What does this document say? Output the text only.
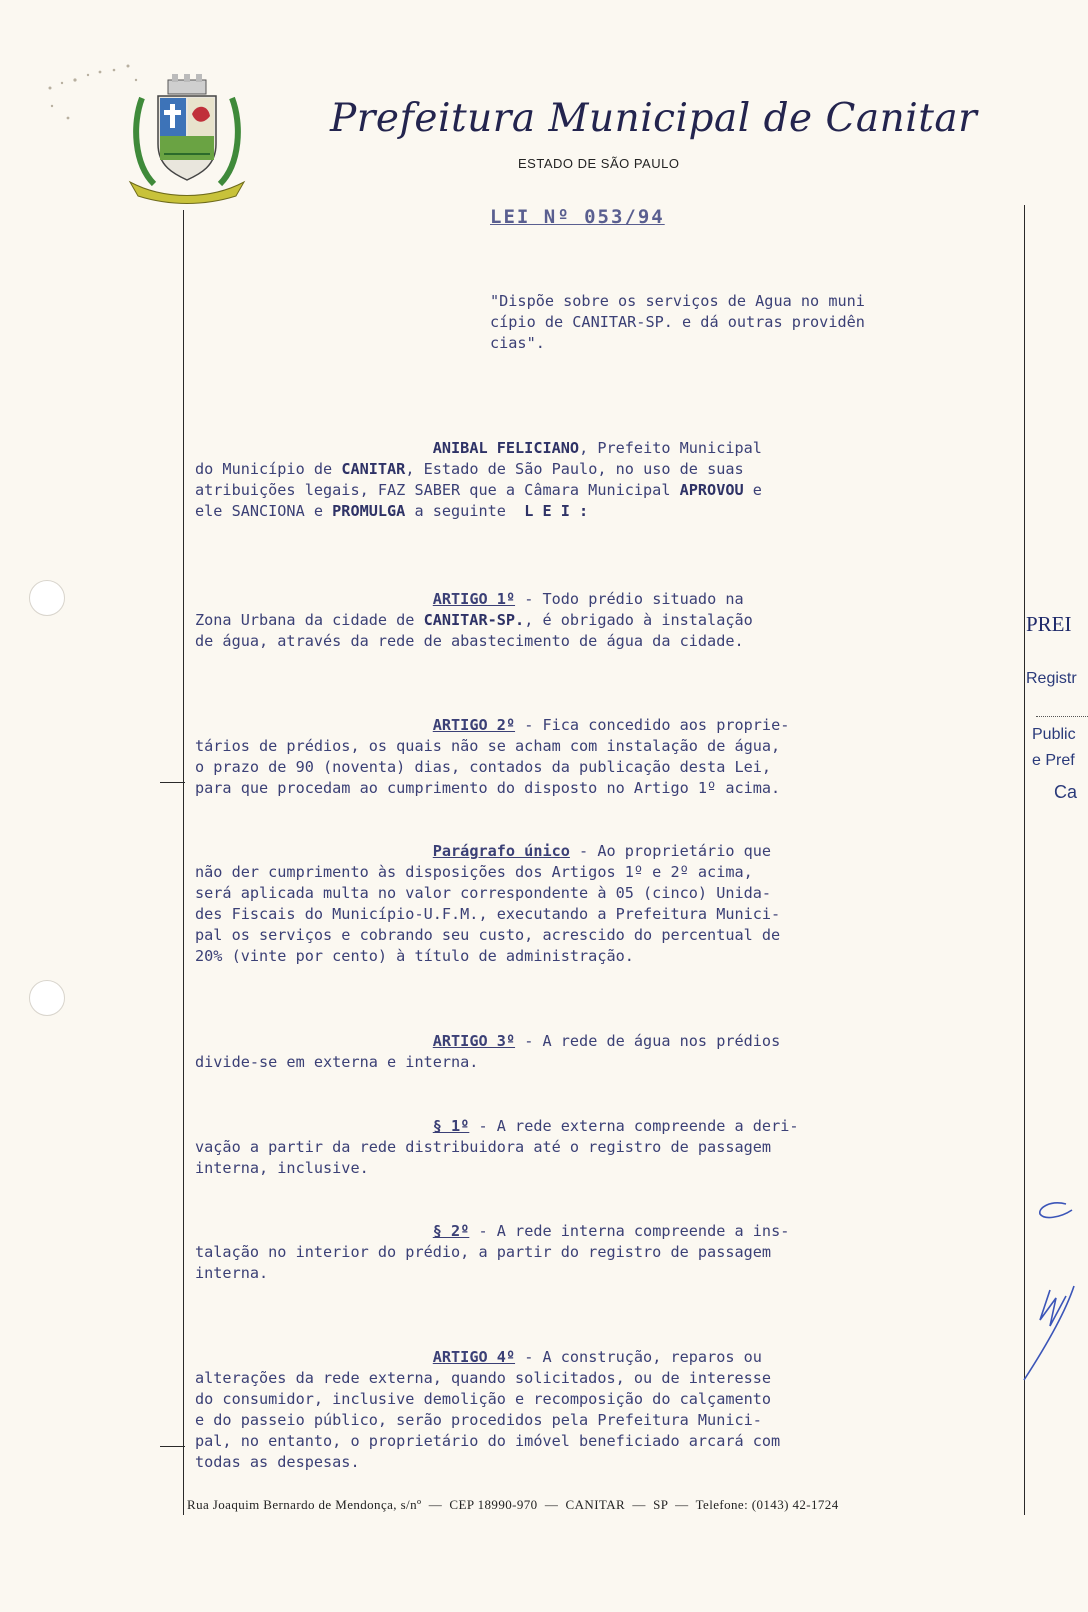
Prefeitura Municipal de Canitar
ESTADO DE SÃO PAULO
LEI Nº 053/94
"Dispõe sobre os serviços de Agua no muni
cípio de CANITAR-SP. e dá outras providên
cias".
ANIBAL FELICIANO, Prefeito Municipal
do Município de CANITAR, Estado de São Paulo, no uso de suas
atribuições legais, FAZ SABER que a Câmara Municipal APROVOU e
ele SANCIONA e PROMULGA a seguinte  L E I :
ARTIGO 1º - Todo prédio situado na
Zona Urbana da cidade de CANITAR-SP., é obrigado à instalação
de água, através da rede de abastecimento de água da cidade.
ARTIGO 2º - Fica concedido aos proprie-
tários de prédios, os quais não se acham com instalação de água,
o prazo de 90 (noventa) dias, contados da publicação desta Lei,
para que procedam ao cumprimento do disposto no Artigo 1º acima.
Parágrafo único - Ao proprietário que
não der cumprimento às disposições dos Artigos 1º e 2º acima,
será aplicada multa no valor correspondente à 05 (cinco) Unida-
des Fiscais do Município-U.F.M., executando a Prefeitura Munici-
pal os serviços e cobrando seu custo, acrescido do percentual de
20% (vinte por cento) à título de administração.
ARTIGO 3º - A rede de água nos prédios
divide-se em externa e interna.
§ 1º - A rede externa compreende a deri-
vação a partir da rede distribuidora até o registro de passagem
interna, inclusive.
§ 2º - A rede interna compreende a ins-
talação no interior do prédio, a partir do registro de passagem
interna.
ARTIGO 4º - A construção, reparos ou
alterações da rede externa, quando solicitados, ou de interesse
do consumidor, inclusive demolição e recomposição do calçamento
e do passeio público, serão procedidos pela Prefeitura Munici-
pal, no entanto, o proprietário do imóvel beneficiado arcará com
todas as despesas.
PREI
Registr
Public
e Pref
Ca
Rua Joaquim Bernardo de Mendonça, s/nº  —  CEP 18990-970  —  CANITAR  —  SP  —  Telefone: (0143) 42-1724
